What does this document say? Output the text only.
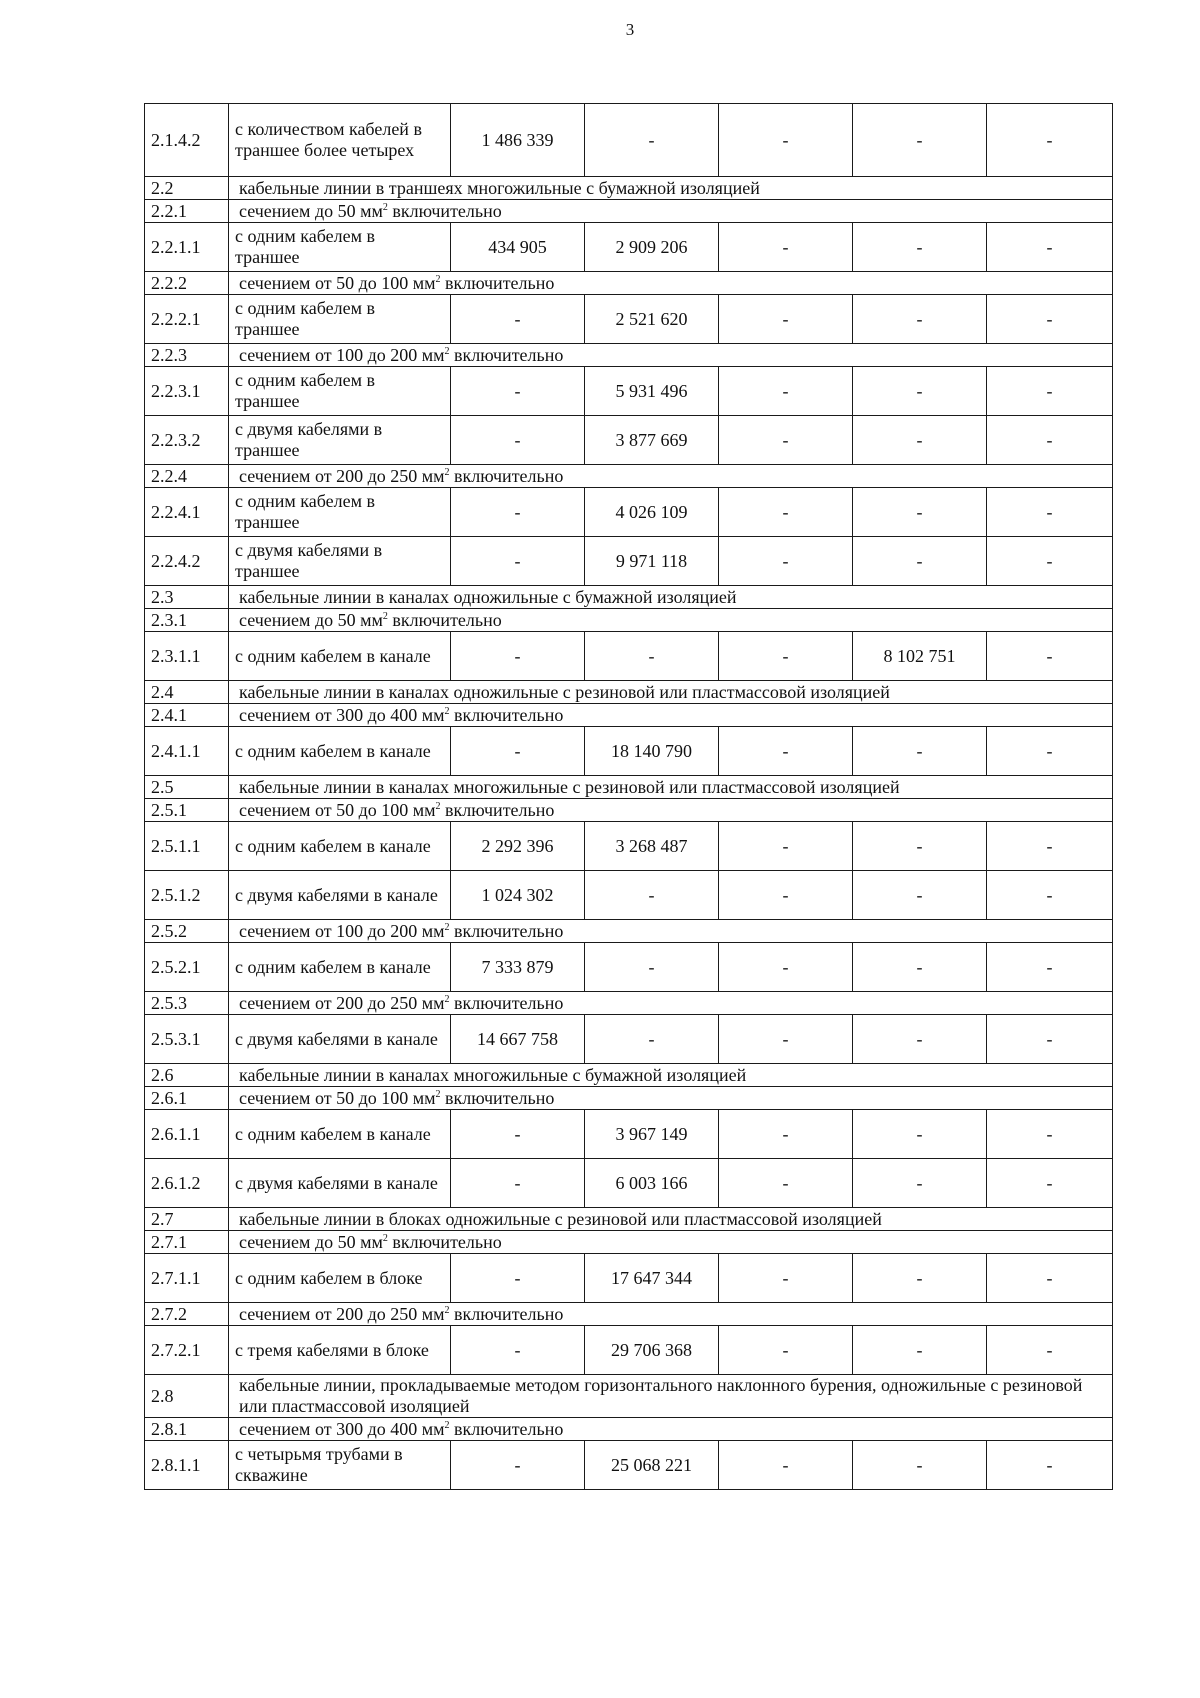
3
2.1.4.2	с количеством кабелей в траншее более четырех	1 486 339	-	-	-	-
2.2	кабельные линии в траншеях многожильные с бумажной изоляцией					
2.2.1	сечением до 50 $мм^2$ включительно					
2.2.1.1	с одним кабелем в траншее	434 905	2 909 206	-	-	-
2.2.2	сечением от 50 до 100 $мм^2$ включительно					
2.2.2.1	с одним кабелем в траншее	-	2 521 620	-	-	-
2.2.3	сечением от 100 до 200 $мм^2$ включительно					
2.2.3.1	с одним кабелем в траншее	-	5 931 496	-	-	-
2.2.3.2	с двумя кабелями в траншее	-	3 877 669	-	-	-
2.2.4	сечением от 200 до 250 $мм^2$ включительно					
2.2.4.1	с одним кабелем в траншее	-	4 026 109	-	-	-
2.2.4.2	с двумя кабелями в траншее	-	9 971 118	-	-	-
2.3	кабельные линии в каналах одножильные с бумажной изоляцией					
2.3.1	сечением до 50 $мм^2$ включительно					
2.3.1.1	с одним кабелем в канале	-	-	-	8 102 751	-
2.4	кабельные линии в каналах одножильные с резиновой или пластмассовой изоляцией					
2.4.1	сечением от 300 до 400 $мм^2$ включительно					
2.4.1.1	с одним кабелем в канале	-	18 140 790	-	-	-
2.5	кабельные линии в каналах многожильные с резиновой или пластмассовой изоляцией					
2.5.1	сечением от 50 до 100 $мм^2$ включительно					
2.5.1.1	с одним кабелем в канале	2 292 396	3 268 487	-	-	-
2.5.1.2	с двумя кабелями в канале	1 024 302	-	-	-	-
2.5.2	сечением от 100 до 200 $мм^2$ включительно					
2.5.2.1	с одним кабелем в канале	7 333 879	-	-	-	-
2.5.3	сечением от 200 до 250 $мм^2$ включительно					
2.5.3.1	с двумя кабелями в канале	14 667 758	-	-	-	-
2.6	кабельные линии в каналах многожильные с бумажной изоляцией					
2.6.1	сечением от 50 до 100 $мм^2$ включительно					
2.6.1.1	с одним кабелем в канале	-	3 967 149	-	-	-
2.6.1.2	с двумя кабелями в канале	-	6 003 166	-	-	-
2.7	кабельные линии в блоках одножильные с резиновой или пластмассовой изоляцией					
2.7.1	сечением до 50 $мм^2$ включительно					
2.7.1.1	с одним кабелем в блоке	-	17 647 344	-	-	-
2.7.2	сечением от 200 до 250 $мм^2$ включительно					
2.7.2.1	с тремя кабелями в блоке	-	29 706 368	-	-	-
2.8	кабельные линии, прокладываемые методом горизонтального наклонного бурения, одножильные с резиновой или пластмассовой изоляцией					
2.8.1	сечением от 300 до 400 $мм^2$ включительно					
2.8.1.1	с четырьмя трубами в скважине	-	25 068 221	-	-	-
